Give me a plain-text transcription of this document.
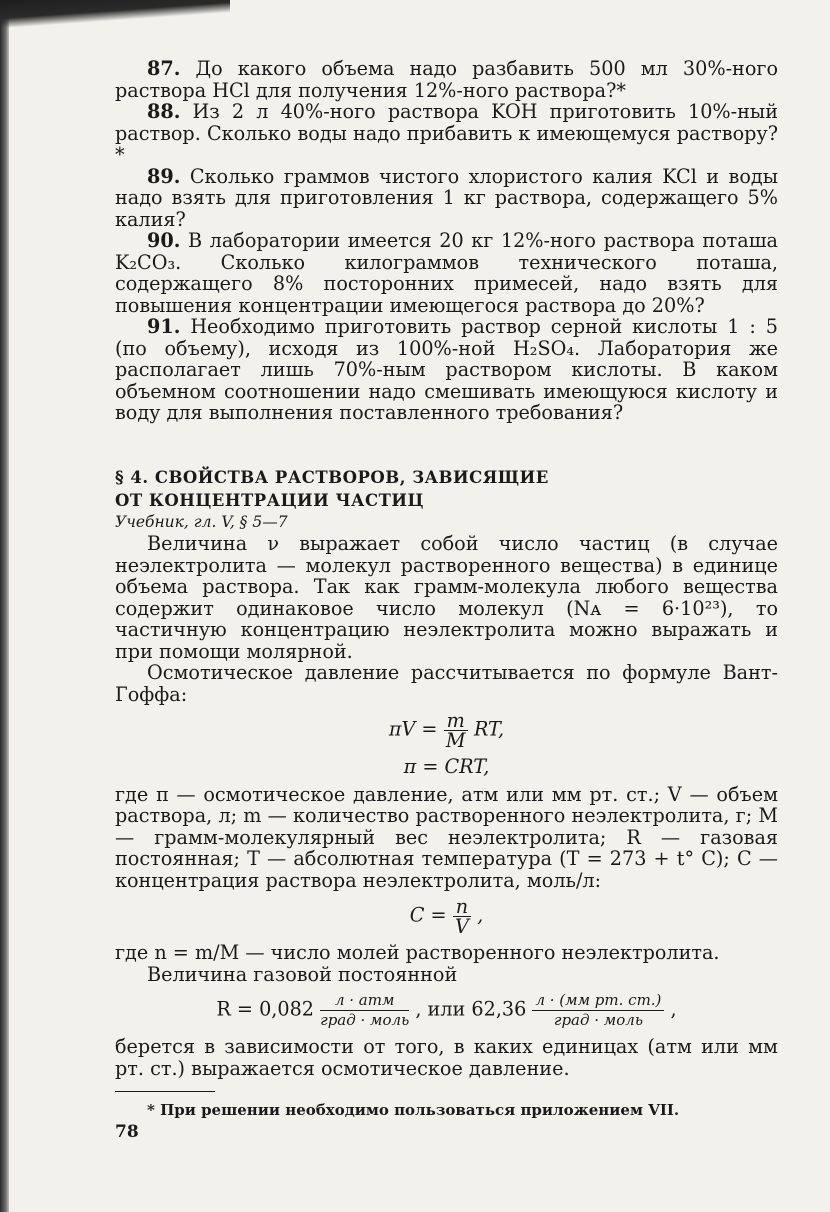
87. До какого объема надо разбавить 500 мл 30%-ного раствора HCl для получения 12%-ного раствора?*

88. Из 2 л 40%-ного раствора KOH приготовить 10%-ный раствор. Сколько воды надо прибавить к имеющемуся раствору?*

89. Сколько граммов чистого хлористого калия KCl и воды надо взять для приготовления 1 кг раствора, содержащего 5% калия?

90. В лаборатории имеется 20 кг 12%-ного раствора поташа K₂CO₃. Сколько килограммов технического поташа, содержащего 8% посторонних примесей, надо взять для повышения концентрации имеющегося раствора до 20%?

91. Необходимо приготовить раствор серной кислоты 1 : 5 (по объему), исходя из 100%-ной H₂SO₄. Лаборатория же располагает лишь 70%-ным раствором кислоты. В каком объемном соотношении надо смешивать имеющуюся кислоту и воду для выполнения поставленного требования?

§ 4. СВОЙСТВА РАСТВОРОВ, ЗАВИСЯЩИЕ

ОТ КОНЦЕНТРАЦИИ ЧАСТИЦ

Учебник, гл. V, § 5—7

Величина ν выражает собой число частиц (в случае неэлектролита — молекул растворенного вещества) в единице объема раствора. Так как грамм-молекула любого вещества содержит одинаковое число молекул (Nᴀ = 6·10²³), то частичную концентрацию неэлектролита можно выражать и при помощи молярной.

Осмотическое давление рассчитывается по формуле Вант-Гоффа:

$\pi V = \frac{m}{M}$ RT,
π = CRT,

где π — осмотическое давление, атм или мм рт. ст.; V — объем раствора, л; m — количество растворенного неэлектролита, г; M — грамм-молекулярный вес неэлектролита; R — газовая постоянная; T — абсолютная температура (T = 273 + t° C); C — концентрация раствора неэлектролита, моль/л:

$C = \frac{n}{V}$ ,

где n = m/M — число молей растворенного неэлектролита.

Величина газовой постоянной

$R = 0,082 \frac{\text{л · атм}}{\text{град · моль}}$ , или $62,36 \frac{\text{л · (мм рт. ст.)}}{\text{град · моль}}$ ,

берется в зависимости от того, в каких единицах (атм или мм рт. ст.) выражается осмотическое давление.

* При решении необходимо пользоваться приложением VII.

78
